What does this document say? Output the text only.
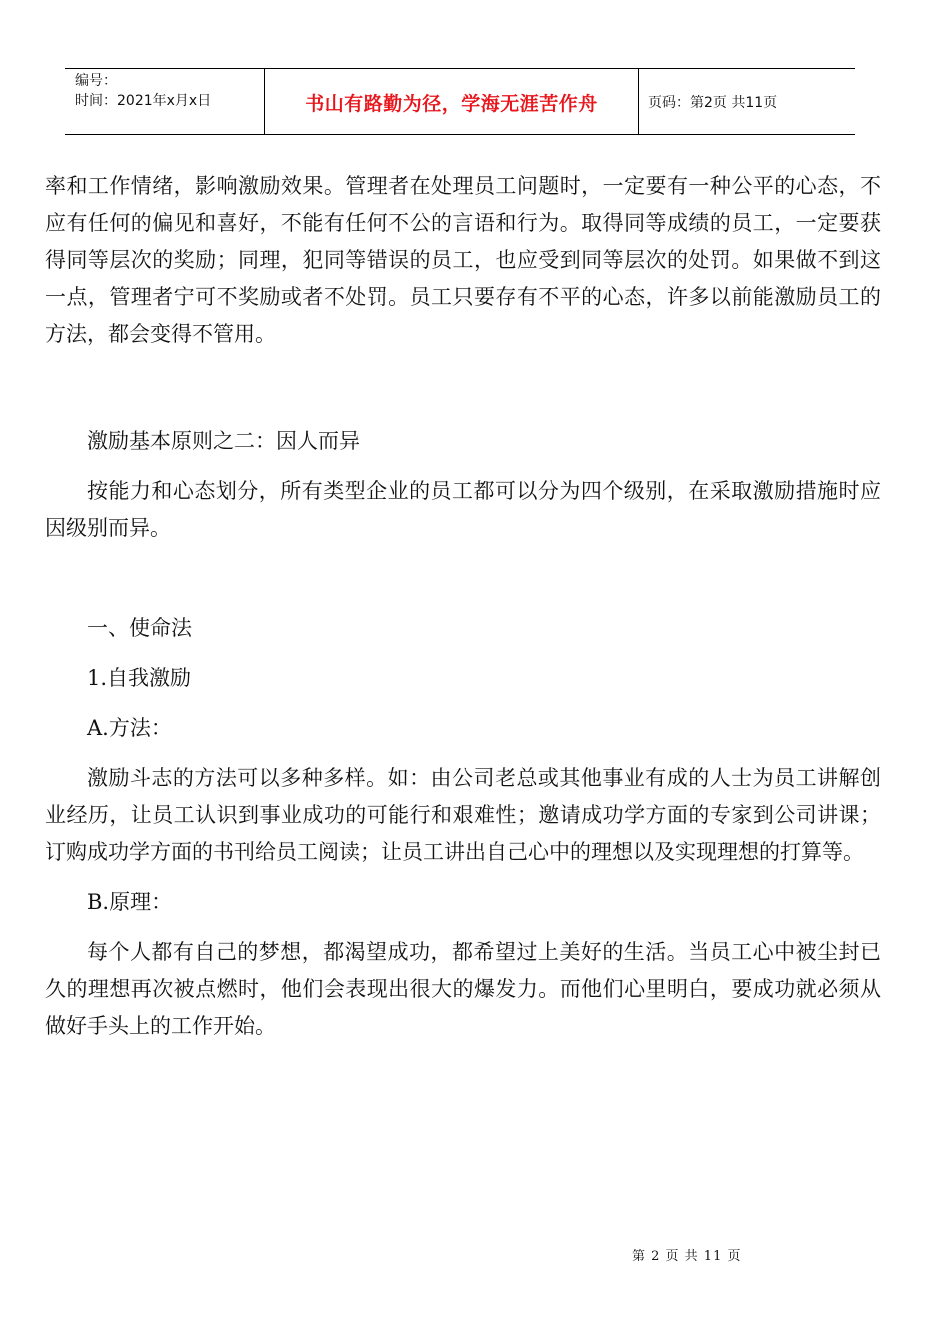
编号：
时间：2021年x月x日	书山有路勤为径，学海无涯苦作舟	页码：第2页 共11页

率和工作情绪，影响激励效果。管理者在处理员工问题时，一定要有一种公平的心态，不应有任何的偏见和喜好，不能有任何不公的言语和行为。取得同等成绩的员工，一定要获得同等层次的奖励；同理，犯同等错误的员工，也应受到同等层次的处罚。如果做不到这一点，管理者宁可不奖励或者不处罚。员工只要存有不平的心态，许多以前能激励员工的方法，都会变得不管用。

激励基本原则之二：因人而异

按能力和心态划分，所有类型企业的员工都可以分为四个级别，在采取激励措施时应因级别而异。

一、使命法

1.自我激励

A.方法：

激励斗志的方法可以多种多样。如：由公司老总或其他事业有成的人士为员工讲解创业经历，让员工认识到事业成功的可能行和艰难性；邀请成功学方面的专家到公司讲课；订购成功学方面的书刊给员工阅读；让员工讲出自己心中的理想以及实现理想的打算等。

B.原理：

每个人都有自己的梦想，都渴望成功，都希望过上美好的生活。当员工心中被尘封已久的理想再次被点燃时，他们会表现出很大的爆发力。而他们心里明白，要成功就必须从做好手头上的工作开始。

第 2 页 共 11 页
